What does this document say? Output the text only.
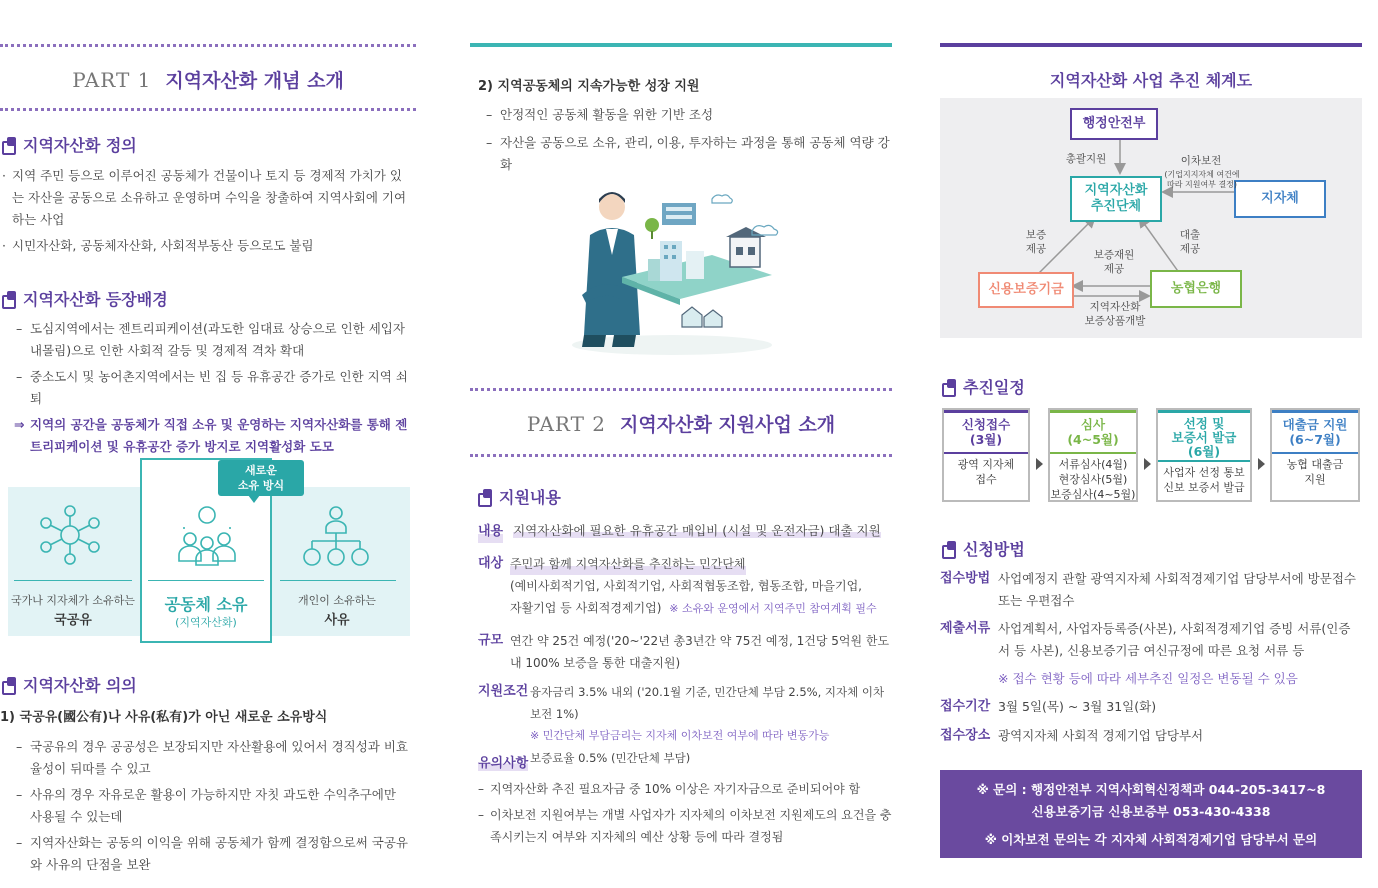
PART 1 지역자산화 개념 소개
지역자산화 정의
· 지역 주민 등으로 이루어진 공동체가 건물이나 토지 등 경제적 가치가 있는 자산을 공동으로 소유하고 운영하며 수익을 창출하여 지역사회에 기여하는 사업
· 시민자산화, 공동체자산화, 사회적부동산 등으로도 불림
지역자산화 등장배경
– 도심지역에서는 젠트리피케이션(과도한 임대료 상승으로 인한 세입자 내몰림)으로 인한 사회적 갈등 및 경제적 격차 확대
– 중소도시 및 농어촌지역에서는 빈 집 등 유휴공간 증가로 인한 지역 쇠퇴
⇒ 지역의 공간을 공동체가 직접 소유 및 운영하는 지역자산화를 통해 젠트리피케이션 및 유휴공간 증가 방지로 지역활성화 도모
새로운
소유 방식
국가나 지자체가 소유하는
국공유
공동체 소유
(지역자산화)
개인이 소유하는
사유
지역자산화 의의
1) 국공유(國公有)나 사유(私有)가 아닌 새로운 소유방식
– 국공유의 경우 공공성은 보장되지만 자산활용에 있어서 경직성과 비효율성이 뒤따를 수 있고
– 사유의 경우 자유로운 활용이 가능하지만 자칫 과도한 수익추구에만 사용될 수 있는데
– 지역자산화는 공동의 이익을 위해 공동체가 함께 결정함으로써 국공유와 사유의 단점을 보완
2) 지역공동체의 지속가능한 성장 지원
– 안정적인 공동체 활동을 위한 기반 조성
– 자산을 공동으로 소유, 관리, 이용, 투자하는 과정을 통해 공동체 역량 강화
PART 2 지역자산화 지원사업 소개
지원내용
내용 지역자산화에 필요한 유휴공간 매입비 (시설 및 운전자금) 대출 지원
대상 주민과 함께 지역자산화를 추진하는 민간단체
(예비사회적기업, 사회적기업, 사회적협동조합, 협동조합, 마을기업,
자활기업 등 사회적경제기업) ※ 소유와 운영에서 지역주민 참여계획 필수
규모 연간 약 25건 예정('20~'22년 총3년간 약 75건 예정, 1건당 5억원 한도 내 100% 보증을 통한 대출지원)
지원조건 융자금리 3.5% 내외 ('20.1월 기준, 민간단체 부담 2.5%, 지자체 이차 보전 1%)
※ 민간단체 부담금리는 지자체 이차보전 여부에 따라 변동가능
보증료율 0.5% (민간단체 부담)
유의사항
– 지역자산화 추진 필요자금 중 10% 이상은 자기자금으로 준비되어야 함
– 이차보전 지원여부는 개별 사업자가 지자체의 이차보전 지원제도의 요건을 충족시키는지 여부와 지자체의 예산 상황 등에 따라 결정됨
지역자산화 사업 추진 체계도
행정안전부
지역자산화
추진단체
지자체
신용보증기금	농협은행
총괄지원	이차보전
(기업지지자체 여건에
따라 지원여부 결정)
보증
제공
대출
제공
보증재원
제공
지역자산화
보증상품개발
추진일정
신청접수
(3월)
광역 지자체
접수
심사
(4~5월)
서류심사(4월)
현장심사(5월)
보증심사(4~5월)
선정 및
보증서 발급
(6월)
사업자 선정 통보
신보 보증서 발급
대출금 지원
(6~7월)
농협 대출금
지원
신청방법
접수방법 사업예정지 관할 광역지자체 사회적경제기업 담당부서에 방문접수 또는 우편접수
제출서류 사업계획서, 사업자등록증(사본), 사회적경제기업 증빙 서류(인증서 등 사본), 신용보증기금 여신규정에 따른 요청 서류 등
※ 접수 현황 등에 따라 세부추진 일정은 변동될 수 있음
접수기간 3월 5일(목) ~ 3월 31일(화)
접수장소 광역지자체 사회적 경제기업 담당부서
※ 문의 : 행정안전부 지역사회혁신정책과 044-205-3417~8
신용보증기금 신용보증부 053-430-4338
※ 이차보전 문의는 각 지자체 사회적경제기업 담당부서 문의
